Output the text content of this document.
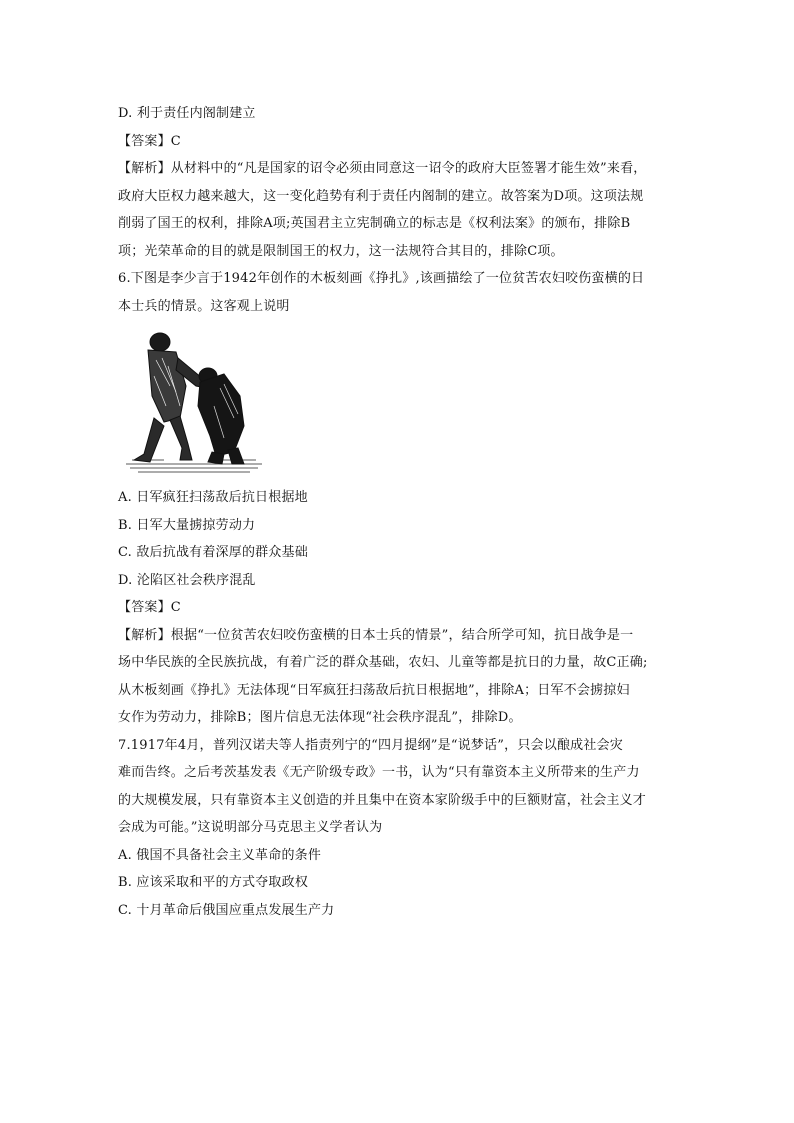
D. 利于责任内阁制建立
【答案】C
【解析】从材料中的“凡是国家的诏令必须由同意这一诏令的政府大臣签署才能生效”来看，
政府大臣权力越来越大，这一变化趋势有利于责任内阁制的建立。故答案为D项。这项法规
削弱了国王的权利，排除A项;英国君主立宪制确立的标志是《权利法案》的颁布，排除B
项；光荣革命的目的就是限制国王的权力，这一法规符合其目的，排除C项。
6.下图是李少言于1942年创作的木板刻画《挣扎》,该画描绘了一位贫苦农妇咬伤蛮横的日
本士兵的情景。这客观上说明
A. 日军疯狂扫荡敌后抗日根据地
B. 日军大量掳掠劳动力
C. 敌后抗战有着深厚的群众基础
D. 沦陷区社会秩序混乱
【答案】C
【解析】根据“一位贫苦农妇咬伤蛮横的日本士兵的情景”，结合所学可知，抗日战争是一
场中华民族的全民族抗战，有着广泛的群众基础，农妇、儿童等都是抗日的力量，故C正确;
从木板刻画《挣扎》无法体现“日军疯狂扫荡敌后抗日根据地”，排除A；日军不会掳掠妇
女作为劳动力，排除B；图片信息无法体现“社会秩序混乱”，排除D。
7.1917年4月，普列汉诺夫等人指责列宁的“四月提纲”是“说梦话”，只会以酿成社会灾
难而告终。之后考茨基发表《无产阶级专政》一书，认为“只有靠资本主义所带来的生产力
的大规模发展，只有靠资本主义创造的并且集中在资本家阶级手中的巨额财富，社会主义才
会成为可能。”这说明部分马克思主义学者认为
A. 俄国不具备社会主义革命的条件
B. 应该采取和平的方式夺取政权
C. 十月革命后俄国应重点发展生产力
